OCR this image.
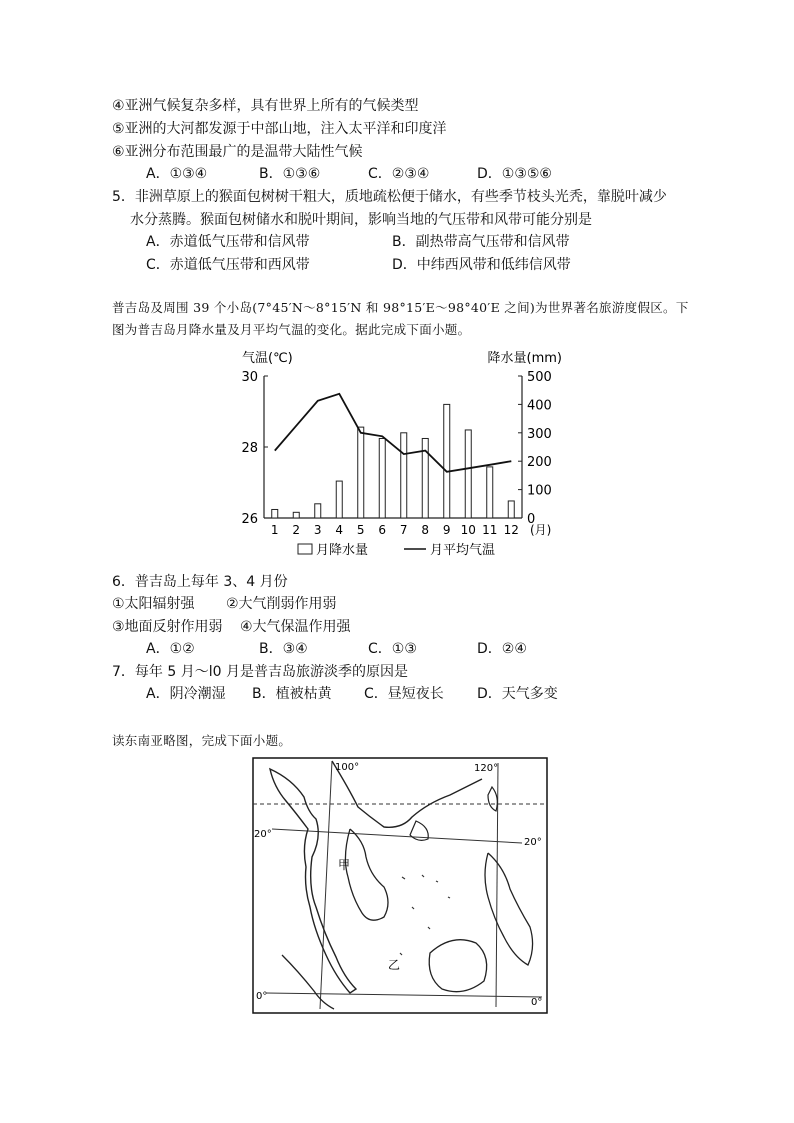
④亚洲气候复杂多样，具有世界上所有的气候类型
⑤亚洲的大河都发源于中部山地，注入太平洋和印度洋
⑥亚洲分布范围最广的是温带大陆性气候
A．①③④	B．①③⑥	C．②③④	D．①③⑤⑥
5．非洲草原上的猴面包树树干粗大，质地疏松便于储水，有些季节枝头光秃，靠脱叶减少
水分蒸腾。猴面包树储水和脱叶期间，影响当地的气压带和风带可能分别是
A．赤道低气压带和信风带	B．副热带高气压带和信风带
C．赤道低气压带和西风带	D．中纬西风带和低纬信风带
普吉岛及周围 39 个小岛(7°45′N～8°15′N 和 98°15′E～98°40′E 之间)为世界著名旅游度假区。下
图为普吉岛月降水量及月平均气温的变化。据此完成下面小题。
26
28
30
0
100
200
300
400
500
气温(℃)	降水量(mm)
1 2 3 4 5 6 7 8 9 10 11 12 (月)
月降水量	月平均气温
6．普吉岛上每年 3、4 月份
①太阳辐射强 ②大气削弱作用弱
③地面反射作用弱 ④大气保温作用强
A．①②	B．③④	C．①③	D．②④
7．每年 5 月～l0 月是普吉岛旅游淡季的原因是
A．阴冷潮湿 B．植被枯黄 C．昼短夜长 D．天气多变
读东南亚略图，完成下面小题。
100°	120°
20°
20°
0°
0°
甲
乙
